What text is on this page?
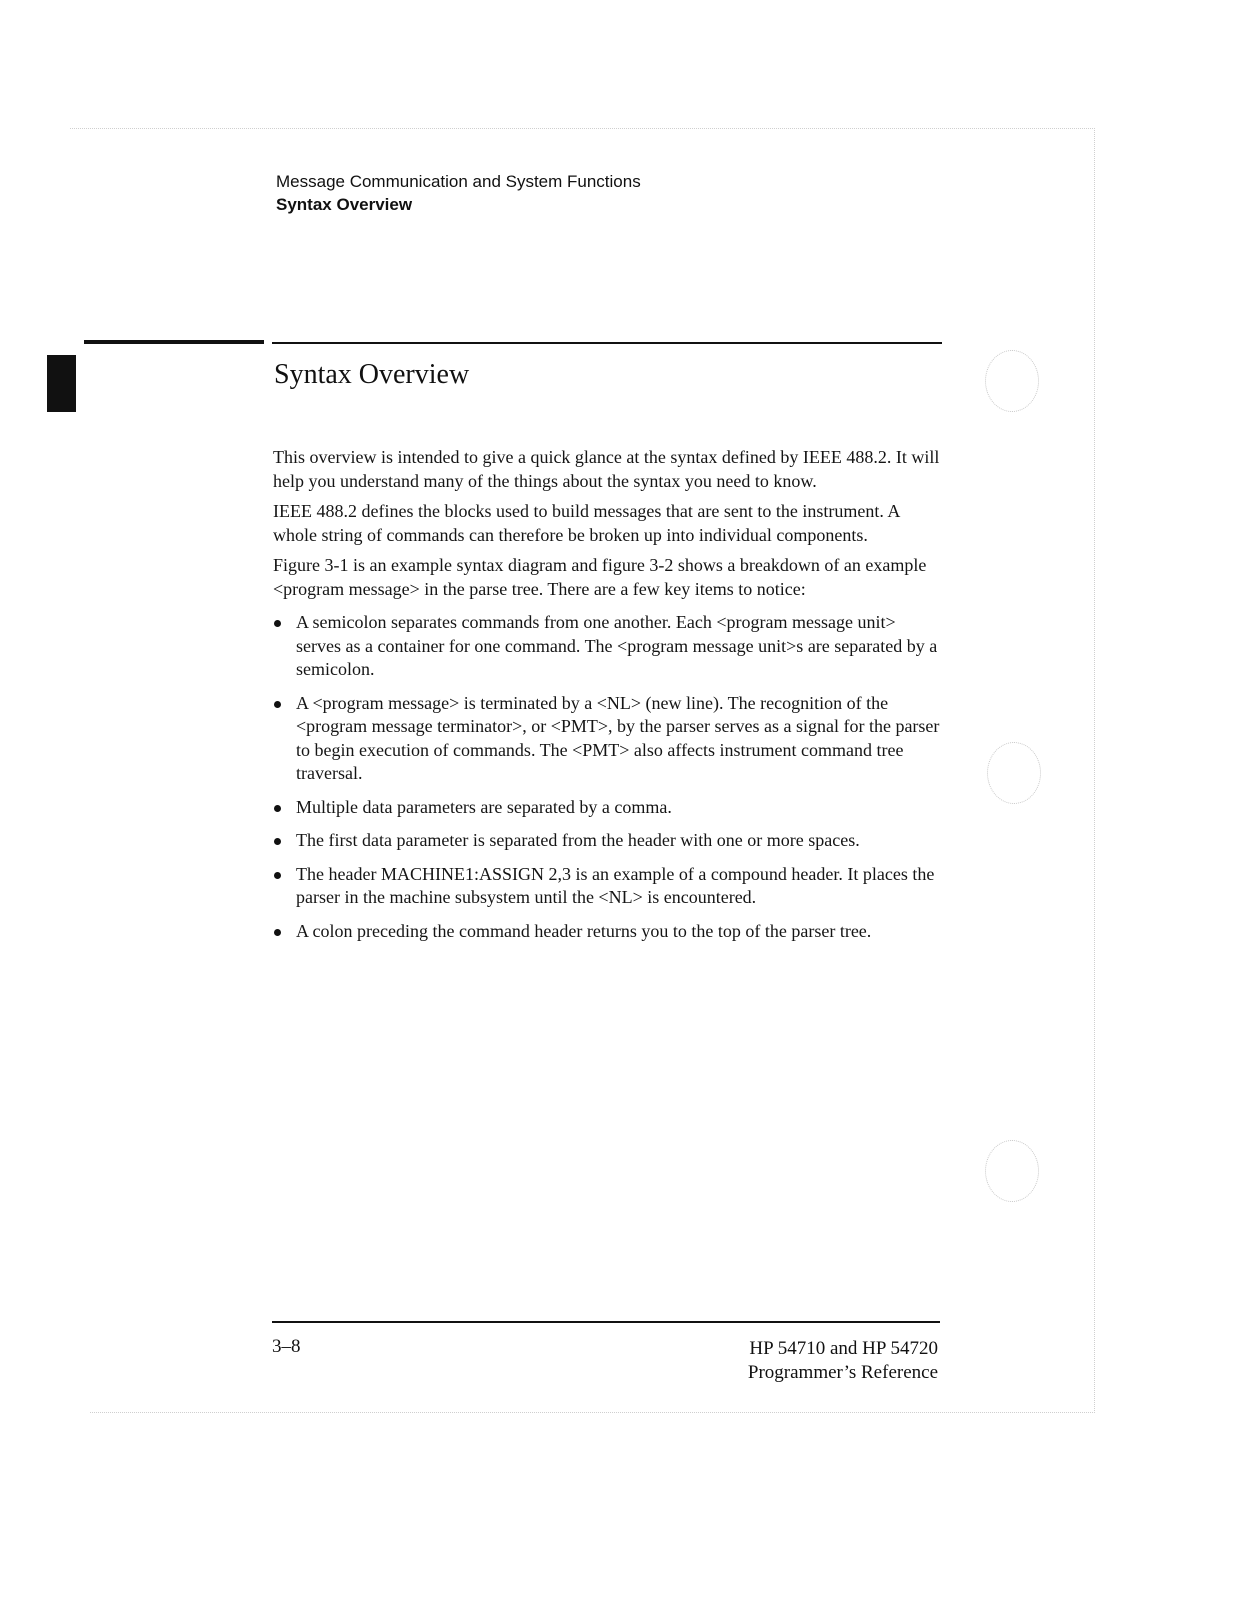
Message Communication and System Functions
Syntax Overview
Syntax Overview

This overview is intended to give a quick glance at the syntax defined by IEEE 488.2. It will help you understand many of the things about the syntax you need to know.

IEEE 488.2 defines the blocks used to build messages that are sent to the instrument. A whole string of commands can therefore be broken up into individual components.

Figure 3-1 is an example syntax diagram and figure 3-2 shows a breakdown of an example <program message> in the parse tree. There are a few key items to notice:

A semicolon separates commands from one another. Each <program message unit> serves as a container for one command. The <program message unit>s are separated by a semicolon.
A <program message> is terminated by a <NL> (new line). The recognition of the <program message terminator>, or <PMT>, by the parser serves as a signal for the parser to begin execution of commands. The <PMT> also affects instrument command tree traversal.
Multiple data parameters are separated by a comma.
The first data parameter is separated from the header with one or more spaces.
The header MACHINE1:ASSIGN 2,3 is an example of a compound header. It places the parser in the machine subsystem until the <NL> is encountered.
A colon preceding the command header returns you to the top of the parser tree.
3–8	HP 54710 and HP 54720
Programmer’s Reference
